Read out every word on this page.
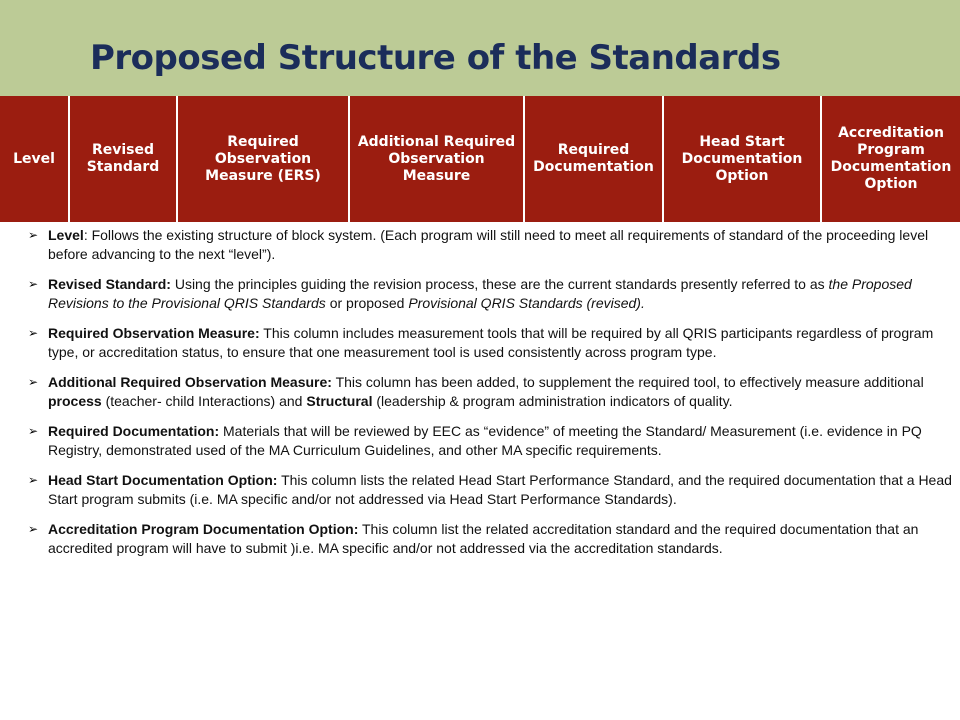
Proposed Structure of the Standards
Level
Revised Standard
Required Observation Measure (ERS)
Additional Required Observation Measure
Required Documentation
Head Start Documentation Option
Accreditation Program Documentation Option
➢ Level: Follows the existing structure of block system. (Each program will still need to meet all requirements of standard of the proceeding level before advancing to the next “level”).
➢ Revised Standard: Using the principles guiding the revision process, these are the current standards presently referred to as the Proposed Revisions to the Provisional QRIS Standards or proposed Provisional QRIS Standards (revised).
➢ Required Observation Measure: This column includes measurement tools that will be required by all QRIS participants regardless of program type, or accreditation status, to ensure that one measurement tool is used consistently across program type.
➢ Additional Required Observation Measure: This column has been added, to supplement the required tool, to effectively measure additional process (teacher- child Interactions) and Structural (leadership & program administration indicators of quality.
➢ Required Documentation: Materials that will be reviewed by EEC as “evidence” of meeting the Standard/ Measurement (i.e. evidence in PQ Registry, demonstrated used of the MA Curriculum Guidelines, and other MA specific requirements.
➢ Head Start Documentation Option: This column lists the related Head Start Performance Standard, and the required documentation that a Head Start program submits (i.e. MA specific and/or not addressed via Head Start Performance Standards).
➢ Accreditation Program Documentation Option: This column list the related accreditation standard and the required documentation that an accredited program will have to submit )i.e. MA specific and/or not addressed via the accreditation standards.
